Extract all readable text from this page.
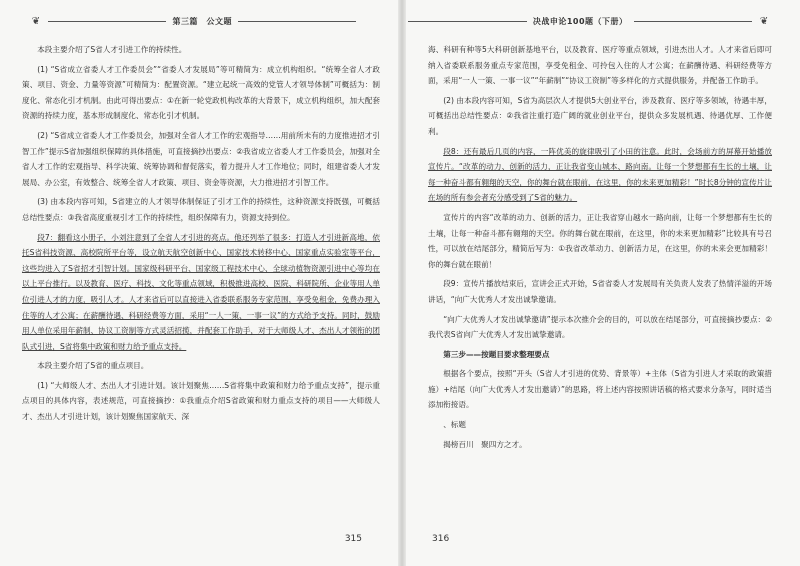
❦	第三篇　公文题	决战申论100题（下册）	❦

本段主要介绍了S省人才引进工作的持续性。

(1) “S省成立省委人才工作委员会”“省委人才发展局”等可精简为：成立机构组织。“统筹全省人才政策、项目、资金、力量等资源”可精简为：配置资源。“建立起统一高效的党管人才领导体制”可概括为：制度化、常态化引才机制。由此可得出要点：①在新一轮党政机构改革的大背景下，成立机构组织，加大配套资源的持续力度，基本形成制度化、常态化引才机制。

(2) “S省成立省委人才工作委员会，加强对全省人才工作的宏观指导……用前所未有的力度推进招才引智工作”提示S省加强组织保障的具体措施，可直接摘抄出要点：②我省成立省委人才工作委员会，加强对全省人才工作的宏观指导、科学决策、统筹协调和督促落实，着力提升人才工作地位；同时，组建省委人才发展局、办公室，有效整合、统筹全省人才政策、项目、资金等资源，大力推进招才引智工作。

(3) 由本段内容可知，S省建立的人才领导体制保证了引才工作的持续性，这种资源支持既强，可概括总结性要点：③我省高度重视引才工作的持续性，组织保障有力，资源支持到位。

段7：翻看这小册子，小刘注意到了全省人才引进的亮点。他还列举了很多：打造人才引进新高地，依托S省科技资源、高校院所平台等，设立航天航空创新中心、国家技术转移中心、国家重点实验室等平台，这些均进入了S省招才引智计划。国家级科研平台、国家级工程技术中心、全球动植物资源引进中心等均在以上平台推行。以及教育、医疗、科技、文化等重点领域，积极推进高校、医院、科研院所、企业等用人单位引进人才的力度，吸引人才。人才来省后可以直接进入省委联系服务专家范围，享受免租金，免费办理入住等的人才公寓；在薪酬待遇、科研经费等方面，采用“一人一策、一事一议”的方式给予支持。同时，鼓励用人单位采用年薪制、协议工资制等方式灵活招揽，并配套工作助手，对于大师级人才、杰出人才领衔的团队式引进，S省将集中政策和财力给予重点支持。

本段主要介绍了S省的重点项目。

(1) “大师级人才、杰出人才引进计划。该计划聚焦……S省将集中政策和财力给予重点支持”，提示重点项目的具体内容，表述规范，可直接摘抄：①我重点介绍S省政策和财力重点支持的项目——大师级人才、杰出人才引进计划，该计划聚焦国家航天、深

315

海、科研有种等5大科研创新基地平台，以及教育、医疗等重点领域，引进杰出人才。人才来省后即可纳入省委联系服务重点专家范围，享受免租金、可拎包入住的人才公寓；在薪酬待遇、科研经费等方面，采用“一人一策、一事一议”“年薪制”“协议工资制”等多样化的方式提供服务，并配备工作助手。

(2) 由本段内容可知，S省为高层次人才提供5大创业平台，涉及教育、医疗等多领域，待遇丰厚，可概括出总结性要点：②我省注重打造广阔的就业创业平台，提供众多发展机遇、待遇优厚、工作便利。

段8：还有最后几页的内容，一阵优美的旋律吸引了小田的注意。此时，会场前方的屏幕开始播放宣传片。“改革的动力、创新的活力，正让我省变山城本、路向南。让每一个梦想都有生长的土壤，让每一种奋斗都有翱翔的天空，你的舞台就在眼前，在这里，你的未来更加精彩！”时长8分钟的宣传片让在场的所有参会者充分感受到了S省的魅力。

宣传片的内容“改革的动力、创新的活力，正让我省穿山越水一路向前，让每一个梦想都有生长的土壤，让每一种奋斗都有翱翔的天空。你的舞台就在眼前，在这里，你的未来更加精彩”比较具有号召性，可以放在结尾部分，精简后写为：①我省改革动力、创新活力足，在这里，你的未来会更加精彩！你的舞台就在眼前！

段9：宣传片播放结束后，宣讲会正式开始，S省省委人才发展局有关负责人发表了热情洋溢的开场讲话，“向广大优秀人才发出诚挚邀请。

“向广大优秀人才发出诚挚邀请”提示本次推介会的目的，可以放在结尾部分，可直接摘抄要点：②我代表S省向广大优秀人才发出诚挚邀请。

第三步——按题目要求整理要点

根据各个要点，按照“开头（S省人才引进的优势、背景等）+主体（S省为引进人才采取的政策措施）+结尾（向广大优秀人才发出邀请）”的思路，将上述内容按照讲话稿的格式要求分条写，同时适当添加衔接语。

、标题

揭榜百川　聚四方之才。

316
